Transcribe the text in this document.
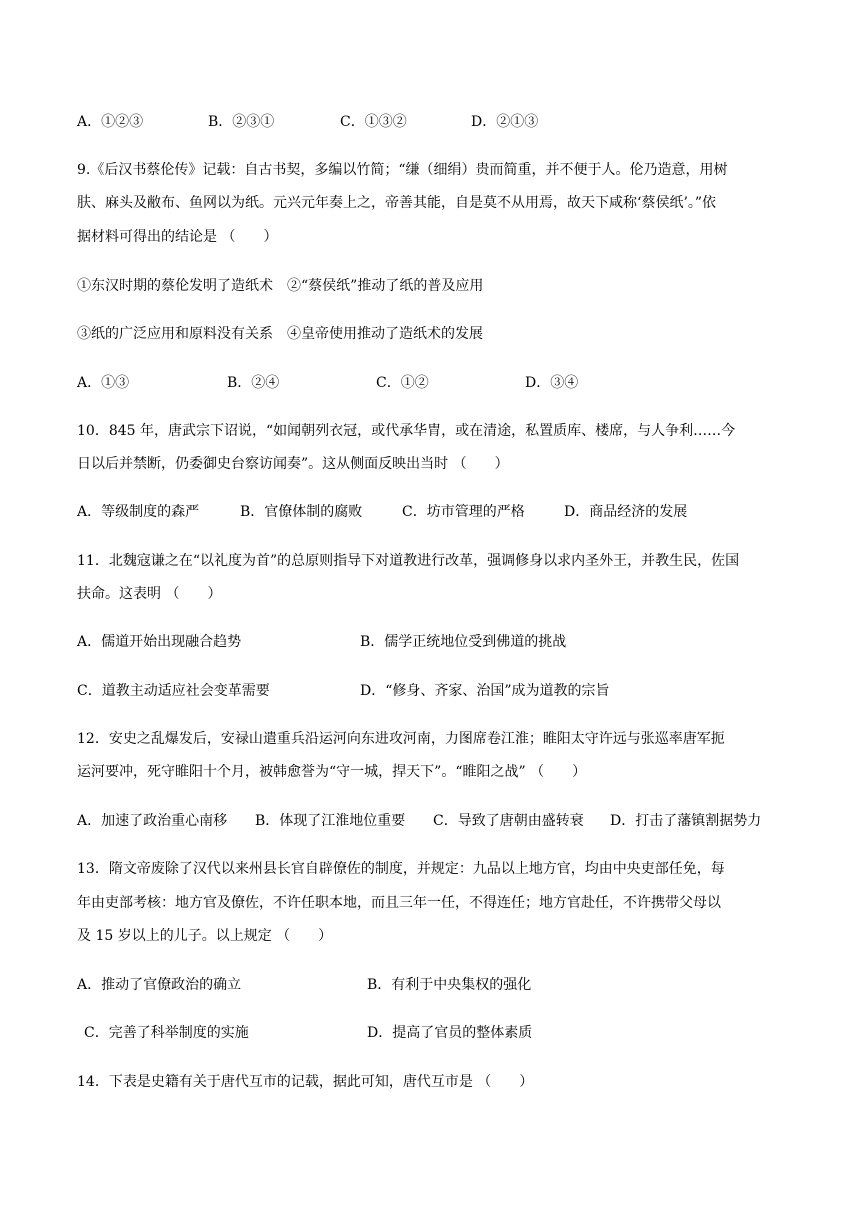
A．①②③	B．②③①	C．①③②	D．②①③
9.《后汉书蔡伦传》记载：自古书契，多编以竹简；“缣（细绢）贵而简重，并不便于人。伦乃造意，用树
肤、麻头及敝布、鱼网以为纸。元兴元年奏上之，帝善其能，自是莫不从用焉，故天下咸称‘蔡侯纸’。”依
据材料可得出的结论是 （　　）
①东汉时期的蔡伦发明了造纸术　②“蔡侯纸”推动了纸的普及应用
③纸的广泛应用和原料没有关系　④皇帝使用推动了造纸术的发展
A．①③	B．②④	C．①②	D．③④
10．845 年，唐武宗下诏说，“如闻朝列衣冠，或代承华胄，或在清途，私置质库、楼席，与人争利……今
日以后并禁断，仍委御史台察访闻奏”。这从侧面反映出当时 （　　）
A．等级制度的森严	B．官僚体制的腐败	C．坊市管理的严格	D．商品经济的发展
11．北魏寇谦之在“以礼度为首”的总原则指导下对道教进行改革，强调修身以求内圣外王，并教生民，佐国
扶命。这表明 （　　）
A．儒道开始出现融合趋势	B．儒学正统地位受到佛道的挑战
C．道教主动适应社会变革需要	D．“修身、齐家、治国”成为道教的宗旨
12．安史之乱爆发后，安禄山遣重兵沿运河向东进攻河南，力图席卷江淮；睢阳太守许远与张巡率唐军扼
运河要冲，死守睢阳十个月，被韩愈誉为“守一城，捍天下”。“睢阳之战” （　　）
A．加速了政治重心南移 B．体现了江淮地位重要 C．导致了唐朝由盛转衰 D．打击了藩镇割据势力
13．隋文帝废除了汉代以来州县长官自辟僚佐的制度，并规定：九品以上地方官，均由中央吏部任免，每
年由吏部考核：地方官及僚佐，不许任职本地，而且三年一任，不得连任；地方官赴任，不许携带父母以
及 15 岁以上的儿子。以上规定 （　　）
A．推动了官僚政治的确立	B．有利于中央集权的强化
C．完善了科举制度的实施	D．提高了官员的整体素质
14．下表是史籍有关于唐代互市的记载，据此可知，唐代互市是 （　　）
